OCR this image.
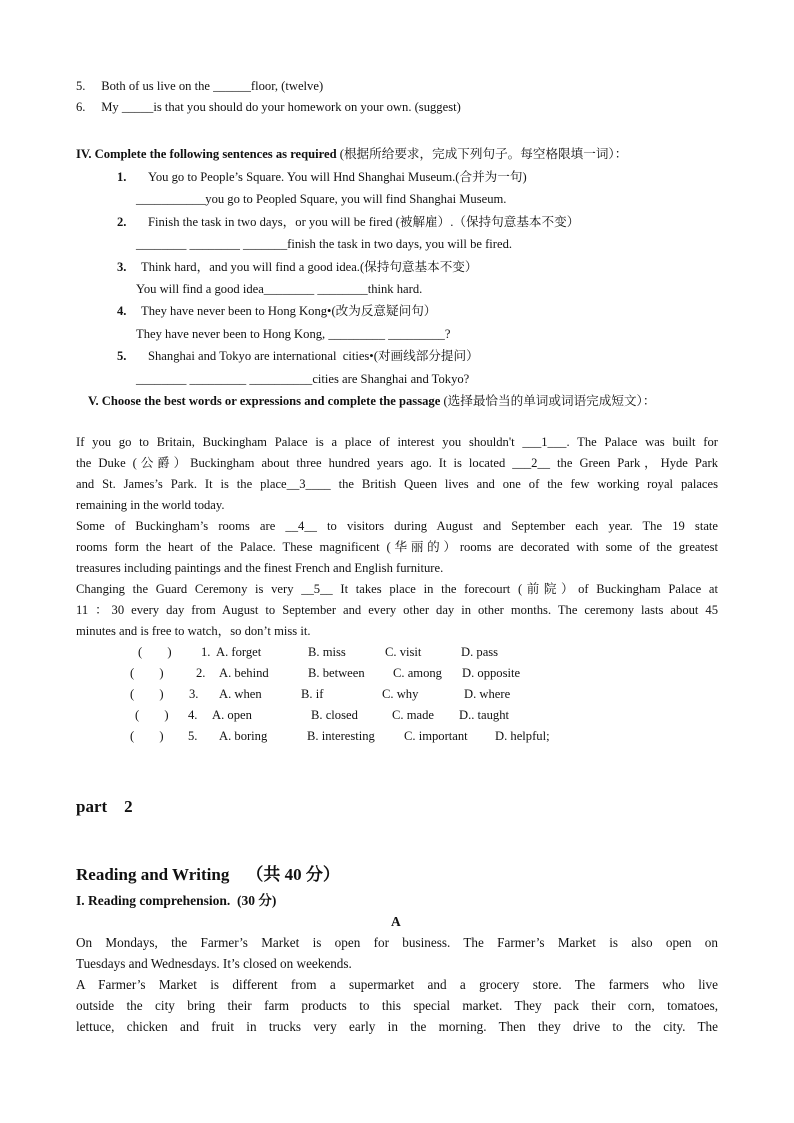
5.     Both of us live on the ______floor, (twelve)
6.     My _____is that you should do your homework on your own. (suggest)
IV. Complete the following sentences as required (根据所给要求，完成下列句子。每空格限填一词）：
1. You go to People’s Square. You will Hnd Shanghai Museum.(合并为一句)
___________you go to Peopled Square, you will find Shanghai Museum.
2. Finish the task in two days，or you will be fired (被解雇）.（保持句意基本不变）
________ ________ _______finish the task in two days, you will be fired.
3. Think hard，and you will find a good idea.(保持句意基本不变）
You will find a good idea________ ________think hard.
4. They have never been to Hong Kong•(改为反意疑问句）
They have never been to Hong Kong, _________ _________?
5. Shanghai and Tokyo are international  cities•(对画线部分提问）
________ _________ __________cities are Shanghai and Tokyo?
V. Choose the best words or expressions and complete the passage (选择最恰当的单词或词语完成短文）：
If you go to Britain, Buckingham Palace is a place of interest you shouldn't ___1___. The Palace was built for
the Duke (公爵）Buckingham about three hundred years ago. It is located ___2__ the Green Park，Hyde Park
and St. James’s Park. It is the place__3____ the British Queen lives and one of the few working royal palaces
remaining in the world today.
Some of Buckingham’s rooms are __4__ to visitors during August and September each year. The 19 state
rooms form the heart of the Palace. These magnificent (华丽的）rooms are decorated with some of the greatest
treasures including paintings and the finest French and English furniture.
Changing the Guard Ceremony is very __5__ It takes place in the forecourt (前院）of Buckingham Palace at
11 ：30 every day from August to September and every other day in other months. The ceremony lasts about 45
minutes and is free to watch，so don’t miss it.
(        ) 1. A. forget	B. miss	C. visit	D. pass
(        )	2. A. behind	B. between C. among D. opposite
(        ) 3. A. when	B. if	C. why	D. where
(        ) 4. A. open	B. closed	C. made D.. taught
(        ) 5. A. boring	B. interesting C. important D. helpful;
part    2
Reading and Writing    （共 40 分）
I. Reading comprehension.  (30 分)
A
On Mondays, the Farmer’s Market is open for business. The Farmer’s Market is also open on
Tuesdays and Wednesdays. It’s closed on weekends.
A Farmer’s Market is different from a supermarket and a grocery store. The farmers who live
outside the city bring their farm products to this special market. They pack their corn, tomatoes,
lettuce, chicken and fruit in trucks very early in the morning. Then they drive to the city. The
